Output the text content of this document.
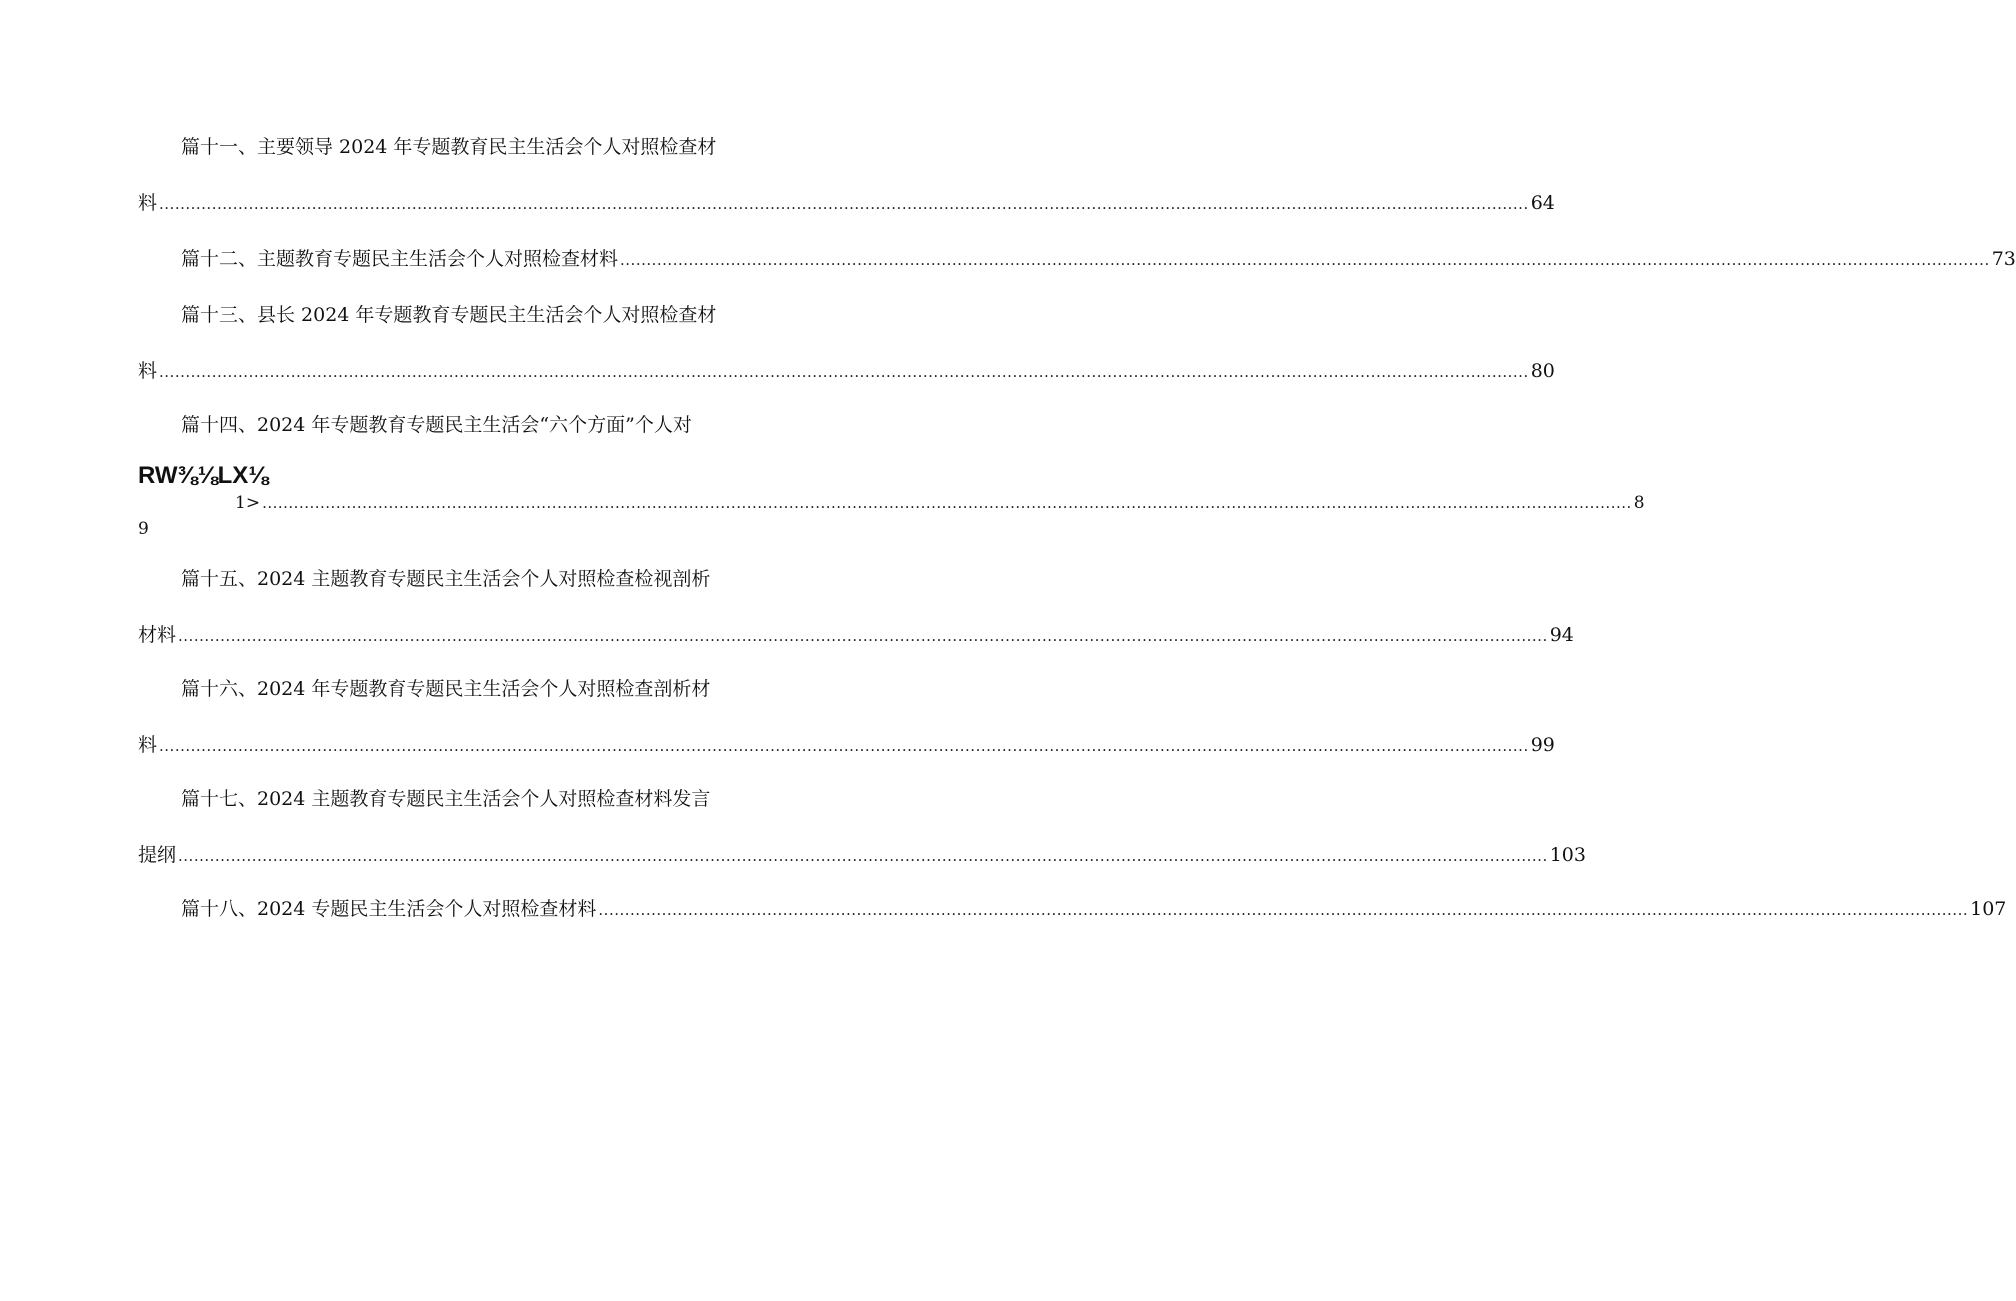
篇十一、主要领导 2024 年专题教育民主生活会个人对照检查材
料 .................................................................................................................................................................................................................................................................... 64
篇十二、主题教育专题民主生活会个人对照检查材料 .................................................................................................................................................................................................................................................................... 73
篇十三、县长 2024 年专题教育专题民主生活会个人对照检查材
料 .................................................................................................................................................................................................................................................................... 80
篇十四、2024 年专题教育专题民主生活会“六个方面”个人对
RW⅜⅛LX⅛
1> .................................................................................................................................................................................................................................................................... 8
9
篇十五、2024 主题教育专题民主生活会个人对照检查检视剖析
材料 .................................................................................................................................................................................................................................................................... 94
篇十六、2024 年专题教育专题民主生活会个人对照检查剖析材
料 .................................................................................................................................................................................................................................................................... 99
篇十七、2024 主题教育专题民主生活会个人对照检查材料发言
提纲 .................................................................................................................................................................................................................................................................... 103
篇十八、2024 专题民主生活会个人对照检查材料 .................................................................................................................................................................................................................................................................... 107
